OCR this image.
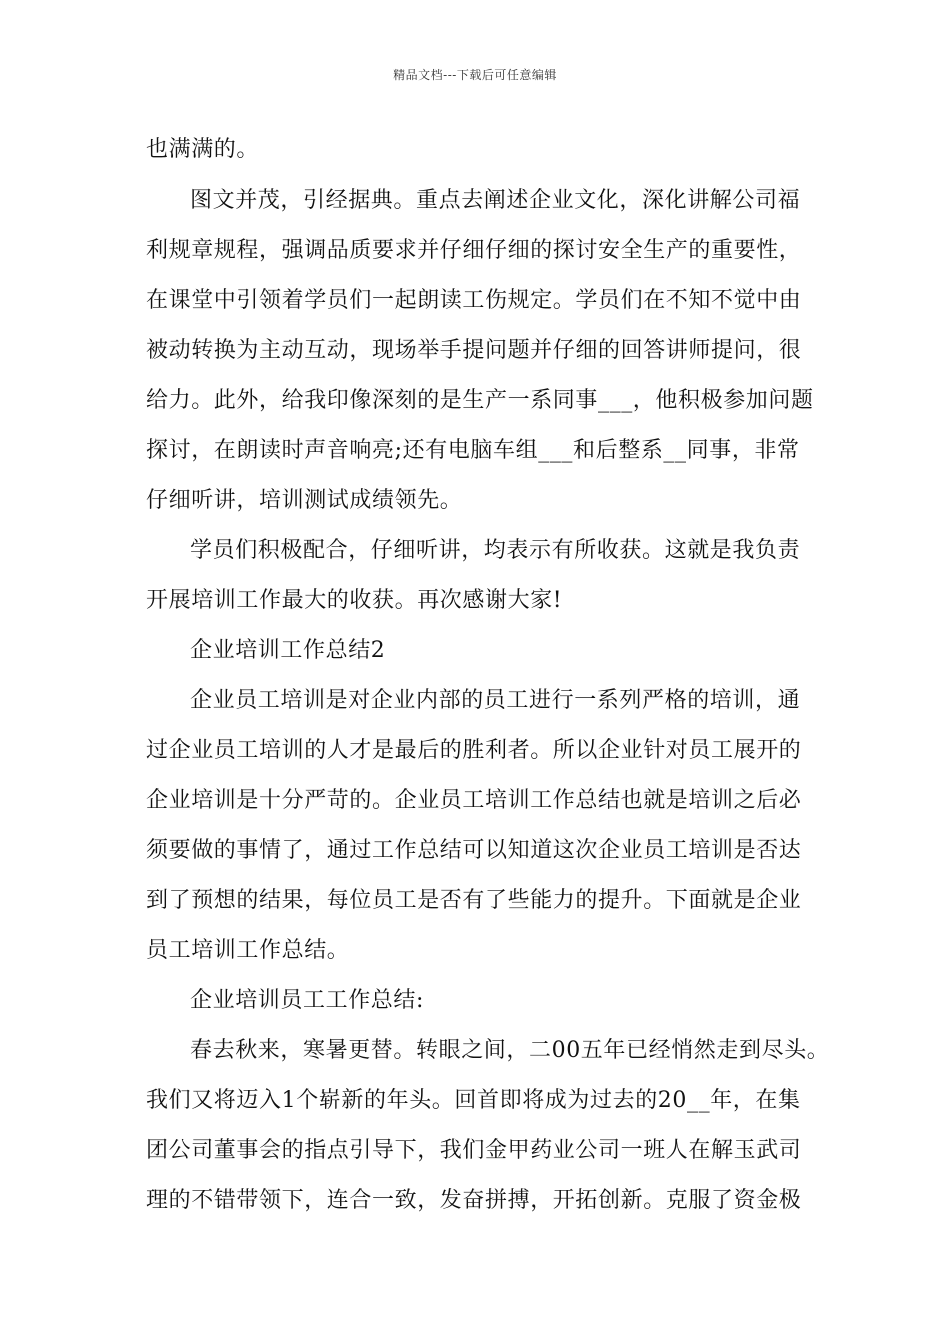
精品文档---下载后可任意编辑
也满满的。
图文并茂，引经据典。重点去阐述企业文化，深化讲解公司福
利规章规程，强调品质要求并仔细仔细的探讨安全生产的重要性，
在课堂中引领着学员们一起朗读工伤规定。学员们在不知不觉中由
被动转换为主动互动，现场举手提问题并仔细的回答讲师提问，很
给力。此外，给我印像深刻的是生产一系同事___，他积极参加问题
探讨，在朗读时声音响亮;还有电脑车组___和后整系__同事，非常
仔细听讲，培训测试成绩领先。
学员们积极配合，仔细听讲，均表示有所收获。这就是我负责
开展培训工作最大的收获。再次感谢大家!
企业培训工作总结2
企业员工培训是对企业内部的员工进行一系列严格的培训，通
过企业员工培训的人才是最后的胜利者。所以企业针对员工展开的
企业培训是十分严苛的。企业员工培训工作总结也就是培训之后必
须要做的事情了，通过工作总结可以知道这次企业员工培训是否达
到了预想的结果，每位员工是否有了些能力的提升。下面就是企业
员工培训工作总结。
企业培训员工工作总结:
春去秋来，寒暑更替。转眼之间，二00五年已经悄然走到尽头。
我们又将迈入1个崭新的年头。回首即将成为过去的20__年，在集
团公司董事会的指点引导下，我们金甲药业公司一班人在解玉武司
理的不错带领下，连合一致，发奋拼搏，开拓创新。克服了资金极
